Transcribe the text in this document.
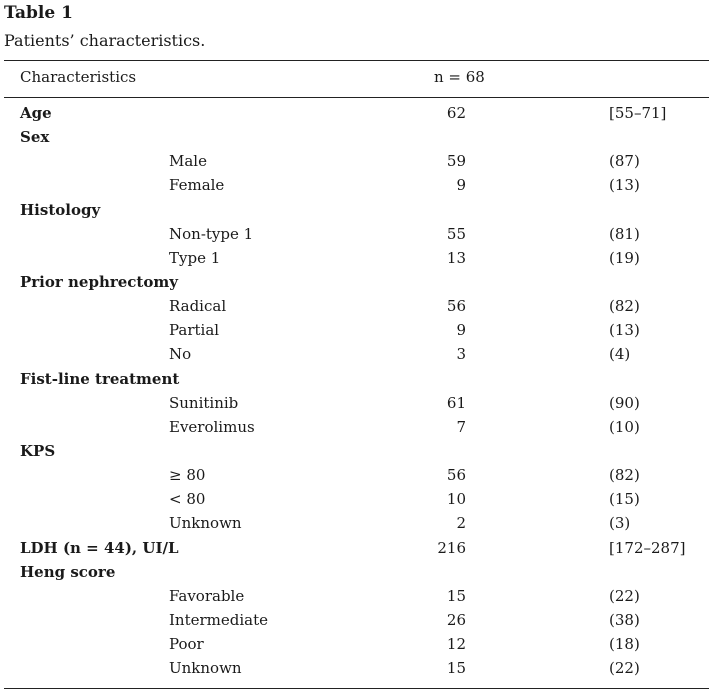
Table 1
Patients’ characteristics.
Characteristics	n = 68
Age	62	[55–71]
Sex
Male	59	(87)
Female	9	(13)
Histology
Non-type 1	55	(81)
Type 1	13	(19)
Prior nephrectomy
Radical	56	(82)
Partial	9	(13)
No	3	(4)
Fist-line treatment
Sunitinib	61	(90)
Everolimus	7	(10)
KPS
≥ 80	56	(82)
< 80	10	(15)
Unknown	2	(3)
LDH (n = 44), UI/L	216	[172–287]
Heng score
Favorable	15	(22)
Intermediate	26	(38)
Poor	12	(18)
Unknown	15	(22)
